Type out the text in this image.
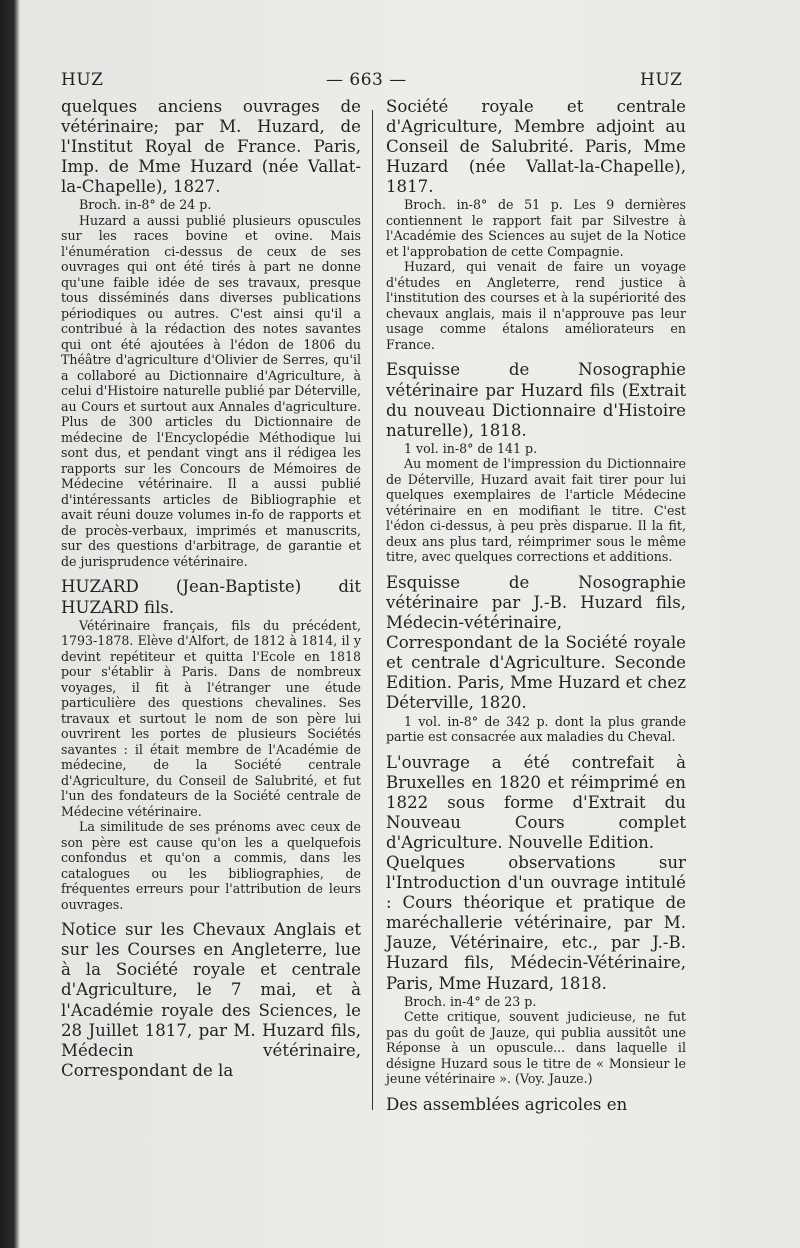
HUZ	— 663 —	HUZ

quelques anciens ouvrages de vétérinaire; par M. Huzard, de l'Institut Royal de France. Paris, Imp. de Mme Huzard (née Vallat-la-Chapelle), 1827.

Broch. in-8° de 24 p.

Huzard a aussi publié plusieurs opuscules sur les races bovine et ovine. Mais l'énumération ci-dessus de ceux de ses ouvrages qui ont été tirés à part ne donne qu'une faible idée de ses travaux, presque tous disséminés dans diverses publications périodiques ou autres. C'est ainsi qu'il a contribué à la rédaction des notes savantes qui ont été ajoutées à l'édon de 1806 du Théâtre d'agriculture d'Olivier de Serres, qu'il a collaboré au Dictionnaire d'Agriculture, à celui d'Histoire naturelle publié par Déterville, au Cours et surtout aux Annales d'agriculture. Plus de 300 articles du Dictionnaire de médecine de l'Encyclopédie Méthodique lui sont dus, et pendant vingt ans il rédigea les rapports sur les Concours de Mémoires de Médecine vétérinaire. Il a aussi publié d'intéressants articles de Bibliographie et avait réuni douze volumes in-fo de rapports et de procès-verbaux, imprimés et manuscrits, sur des questions d'arbitrage, de garantie et de jurisprudence vétérinaire.

HUZARD (Jean-Baptiste) dit HUZARD fils.

Vétérinaire français, fils du précédent, 1793-1878. Elève d'Alfort, de 1812 à 1814, il y devint repétiteur et quitta l'Ecole en 1818 pour s'établir à Paris. Dans de nombreux voyages, il fit à l'étranger une étude particulière des questions chevalines. Ses travaux et surtout le nom de son père lui ouvrirent les portes de plusieurs Sociétés savantes : il était membre de l'Académie de médecine, de la Société centrale d'Agriculture, du Conseil de Salubrité, et fut l'un des fondateurs de la Société centrale de Médecine vétérinaire.

La similitude de ses prénoms avec ceux de son père est cause qu'on les a quelquefois confondus et qu'on a commis, dans les catalogues ou les bibliographies, de fréquentes erreurs pour l'attribution de leurs ouvrages.

Notice sur les Chevaux Anglais et sur les Courses en Angleterre, lue à la Société royale et centrale d'Agriculture, le 7 mai, et à l'Académie royale des Sciences, le 28 Juillet 1817, par M. Huzard fils, Médecin vétérinaire, Correspondant de la

Société royale et centrale d'Agriculture, Membre adjoint au Conseil de Salubrité. Paris, Mme Huzard (née Vallat-la-Chapelle), 1817.

Broch. in-8° de 51 p. Les 9 dernières contiennent le rapport fait par Silvestre à l'Académie des Sciences au sujet de la Notice et l'approbation de cette Compagnie.

Huzard, qui venait de faire un voyage d'études en Angleterre, rend justice à l'institution des courses et à la supériorité des chevaux anglais, mais il n'approuve pas leur usage comme étalons améliorateurs en France.

Esquisse de Nosographie vétérinaire par Huzard fils (Extrait du nouveau Dictionnaire d'Histoire naturelle), 1818.

1 vol. in-8° de 141 p.

Au moment de l'impression du Dictionnaire de Déterville, Huzard avait fait tirer pour lui quelques exemplaires de l'article Médecine vétérinaire en en modifiant le titre. C'est l'édon ci-dessus, à peu près disparue. Il la fit, deux ans plus tard, réimprimer sous le même titre, avec quelques corrections et additions.

Esquisse de Nosographie vétérinaire par J.-B. Huzard fils, Médecin-vétérinaire, Correspondant de la Société royale et centrale d'Agriculture. Seconde Edition. Paris, Mme Huzard et chez Déterville, 1820.

1 vol. in-8° de 342 p. dont la plus grande partie est consacrée aux maladies du Cheval.

L'ouvrage a été contrefait à Bruxelles en 1820 et réimprimé en 1822 sous forme d'Extrait du Nouveau Cours complet d'Agriculture. Nouvelle Edition.

Quelques observations sur l'Introduction d'un ouvrage intitulé : Cours théorique et pratique de maréchallerie vétérinaire, par M. Jauze, Vétérinaire, etc., par J.-B. Huzard fils, Médecin-Vétérinaire, Paris, Mme Huzard, 1818.

Broch. in-4° de 23 p.

Cette critique, souvent judicieuse, ne fut pas du goût de Jauze, qui publia aussitôt une Réponse à un opuscule... dans laquelle il désigne Huzard sous le titre de « Monsieur le jeune vétérinaire ». (Voy. Jauze.)

Des assemblées agricoles en
